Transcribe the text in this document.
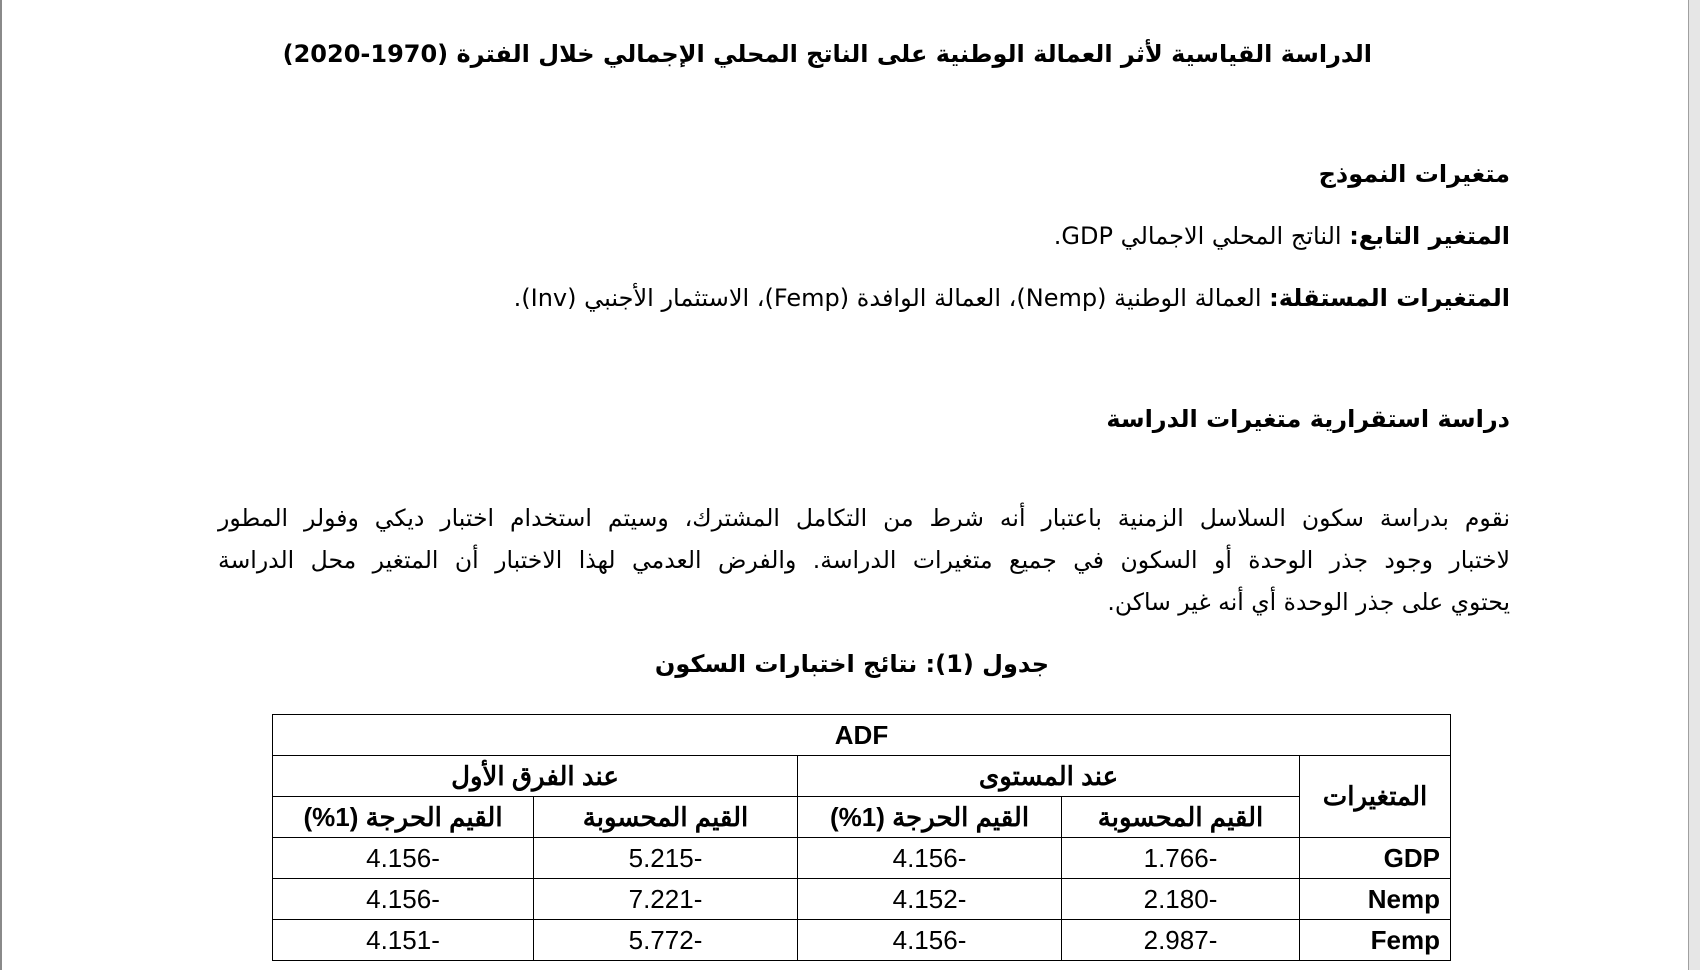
الدراسة القياسية لأثر العمالة الوطنية على الناتج المحلي الإجمالي خلال الفترة (1970-2020)
متغيرات النموذج
المتغير التابع: الناتج المحلي الاجمالي GDP.
المتغيرات المستقلة: العمالة الوطنية (Nemp)، العمالة الوافدة (Femp)، الاستثمار الأجنبي (Inv).
دراسة استقرارية متغيرات الدراسة
نقوم بدراسة سكون السلاسل الزمنية باعتبار أنه شرط من التكامل المشترك، وسيتم استخدام اختبار ديكي وفولر المطور
لاختبار وجود جذر الوحدة أو السكون في جميع متغيرات الدراسة. والفرض العدمي لهذا الاختبار أن المتغير محل الدراسة
يحتوي على جذر الوحدة أي أنه غير ساكن.
جدول (1): نتائج اختبارات السكون
ADF				
المتغيرات	عند المستوى		عند الفرق الأول	
	القيم المحسوبة	القيم الحرجة (1%)	القيم المحسوبة	القيم الحرجة (1%)
GDP	-1.766	-4.156	-5.215	-4.156
Nemp	-2.180	-4.152	-7.221	-4.156
Femp	-2.987	-4.156	-5.772	-4.151
